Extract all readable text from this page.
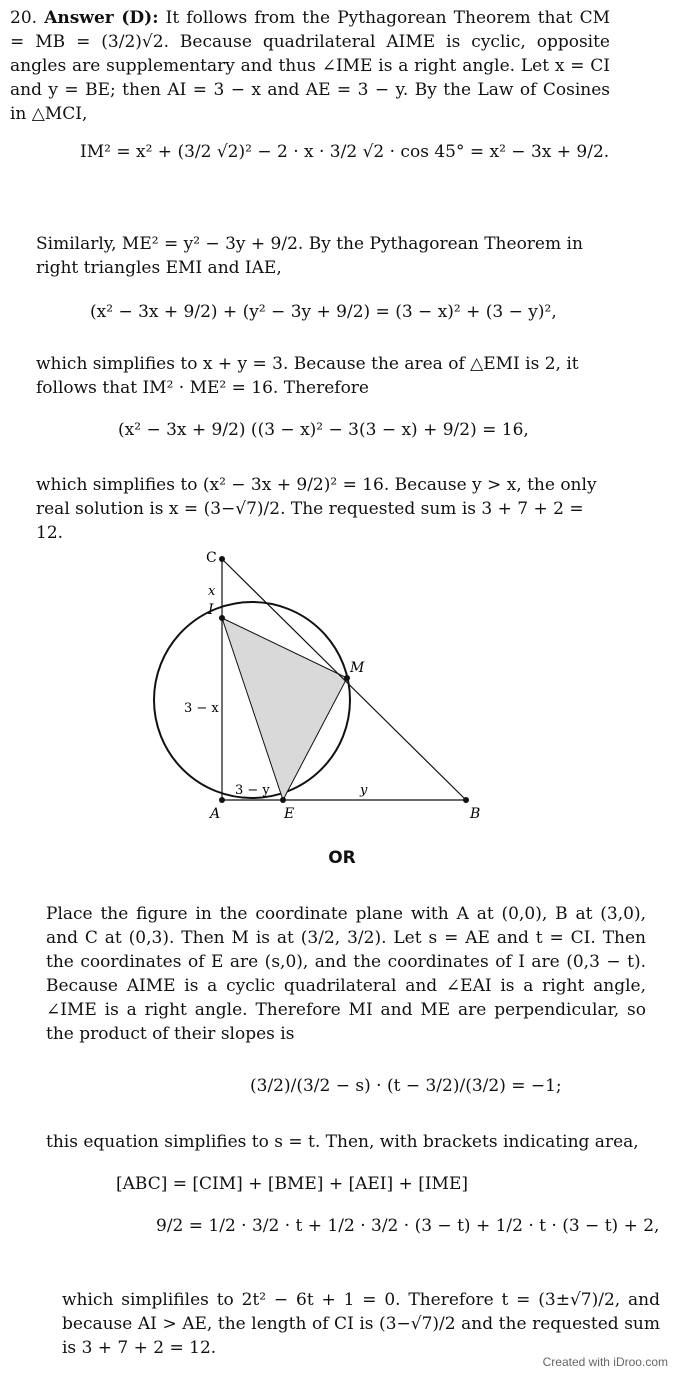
20. Answer (D): It follows from the Pythagorean Theorem that CM = MB = (3/2)√2. Because quadrilateral AIME is cyclic, opposite angles are supplementary and thus ∠IME is a right angle. Let x = CI and y = BE; then AI = 3 − x and AE = 3 − y. By the Law of Cosines in △MCI,
IM² = x² + (3/2 √2)² − 2 · x · 3/2 √2 · cos 45° = x² − 3x + 9/2.
Similarly, ME² = y² − 3y + 9/2. By the Pythagorean Theorem in right triangles EMI and IAE,
(x² − 3x + 9/2) + (y² − 3y + 9/2) = (3 − x)² + (3 − y)²,
which simplifies to x + y = 3. Because the area of △EMI is 2, it follows that IM² · ME² = 16. Therefore
(x² − 3x + 9/2) ((3 − x)² − 3(3 − x) + 9/2) = 16,
which simplifies to (x² − 3x + 9/2)² = 16. Because y > x, the only real solution is x = (3−√7)/2. The requested sum is 3 + 7 + 2 = 12.
C
x
I
M
3 − x
3 − y	y
A	E	B
OR
Place the figure in the coordinate plane with A at (0,0), B at (3,0), and C at (0,3). Then M is at (3/2, 3/2). Let s = AE and t = CI. Then the coordinates of E are (s,0), and the coordinates of I are (0,3 − t). Because AIME is a cyclic quadrilateral and ∠EAI is a right angle, ∠IME is a right angle. Therefore MI and ME are perpendicular, so the product of their slopes is
(3/2)/(3/2 − s) · (t − 3/2)/(3/2) = −1;
this equation simplifies to s = t. Then, with brackets indicating area,
[ABC] = [CIM] + [BME] + [AEI] + [IME]
9/2 = 1/2 · 3/2 · t + 1/2 · 3/2 · (3 − t) + 1/2 · t · (3 − t) + 2,
which simplifiles to 2t² − 6t + 1 = 0. Therefore t = (3±√7)/2, and because AI > AE, the length of CI is (3−√7)/2 and the requested sum is 3 + 7 + 2 = 12.
Created with iDroo.com
